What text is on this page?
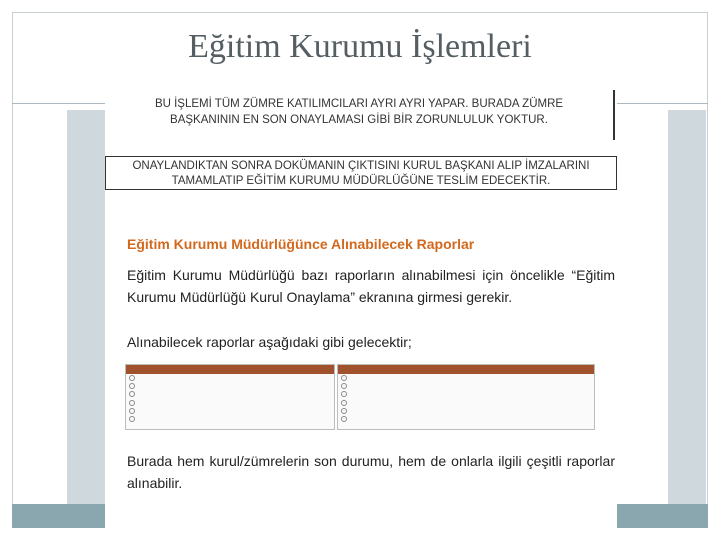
Eğitim Kurumu İşlemleri
BU İŞLEMİ TÜM ZÜMRE KATILIMCILARI AYRI AYRI YAPAR. BURADA ZÜMRE
BAŞKANININ EN SON ONAYLAMASI GİBİ BİR ZORUNLULUK YOKTUR.
ONAYLANDIKTAN SONRA DOKÜMANIN ÇIKTISINI KURUL BAŞKANI ALIP İMZALARINI
TAMAMLATIP EĞİTİM KURUMU MÜDÜRLÜĞÜNE TESLİM EDECEKTİR.
Eğitim Kurumu Müdürlüğünce Alınabilecek Raporlar
Eğitim Kurumu Müdürlüğü bazı raporların alınabilmesi için öncelikle “Eğitim Kurumu Müdürlüğü Kurul Onaylama” ekranına girmesi gerekir.
Alınabilecek raporlar aşağıdaki gibi gelecektir;
Burada hem kurul/zümrelerin son durumu, hem de onlarla ilgili çeşitli raporlar alınabilir.
